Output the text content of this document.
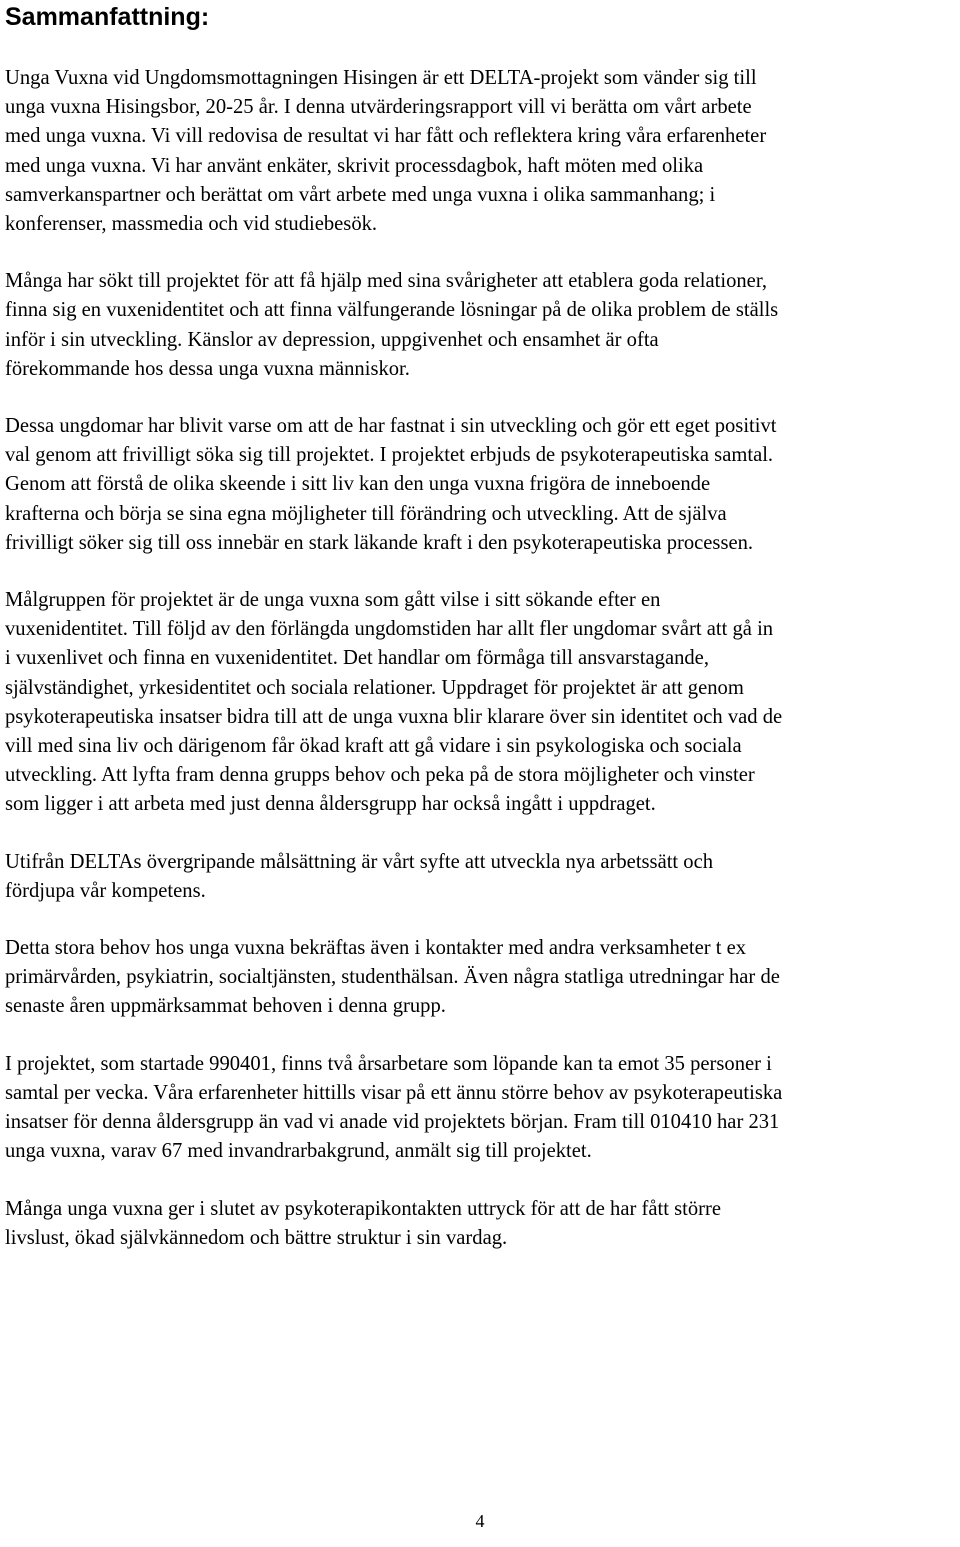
Sammanfattning:

Unga Vuxna vid Ungdomsmottagningen Hisingen är ett DELTA-projekt som vänder sig till
unga vuxna Hisingsbor, 20-25 år. I denna utvärderingsrapport vill vi berätta om vårt arbete
med unga vuxna. Vi vill redovisa de resultat vi har fått och reflektera kring våra erfarenheter
med unga vuxna. Vi har använt enkäter, skrivit processdagbok, haft möten med olika
samverkanspartner och berättat om vårt arbete med unga vuxna i olika sammanhang; i
konferenser, massmedia och vid studiebesök.

Många har sökt till projektet för att få hjälp med sina svårigheter att etablera goda relationer,
finna sig en vuxenidentitet och att finna välfungerande lösningar på de olika problem de ställs
inför i sin utveckling. Känslor av depression, uppgivenhet och ensamhet är ofta
förekommande hos dessa unga vuxna människor.

Dessa ungdomar har blivit varse om att de har fastnat i sin utveckling och gör ett eget positivt
val genom att frivilligt söka sig till projektet. I projektet erbjuds de psykoterapeutiska samtal.
Genom att förstå de olika skeende i sitt liv kan den unga vuxna frigöra de inneboende
krafterna och börja se sina egna möjligheter till förändring och utveckling. Att de själva
frivilligt söker sig till oss innebär en stark läkande kraft i den psykoterapeutiska processen.

Målgruppen för projektet är de unga vuxna som gått vilse i sitt sökande efter en
vuxenidentitet. Till följd av den förlängda ungdomstiden har allt fler ungdomar svårt att gå in
i vuxenlivet och finna en vuxenidentitet. Det handlar om förmåga till ansvarstagande,
självständighet, yrkesidentitet och sociala relationer. Uppdraget för projektet är att genom
psykoterapeutiska insatser bidra till att de unga vuxna blir klarare över sin identitet och vad de
vill med sina liv och därigenom får ökad kraft att gå vidare i sin psykologiska och sociala
utveckling. Att lyfta fram denna grupps behov och peka på de stora möjligheter och vinster
som ligger i att arbeta med just denna åldersgrupp har också ingått i uppdraget.

Utifrån DELTAs övergripande målsättning är vårt syfte att utveckla nya arbetssätt och
fördjupa vår kompetens.

Detta stora behov hos unga vuxna bekräftas även i kontakter med andra verksamheter t ex
primärvården, psykiatrin, socialtjänsten, studenthälsan. Även några statliga utredningar har de
senaste åren uppmärksammat behoven i denna grupp.

I projektet, som startade 990401, finns två årsarbetare som löpande kan ta emot 35 personer i
samtal per vecka. Våra erfarenheter hittills visar på ett ännu större behov av psykoterapeutiska
insatser för denna åldersgrupp än vad vi anade vid projektets början. Fram till 010410 har 231
unga vuxna, varav 67 med invandrarbakgrund, anmält sig till projektet.

Många unga vuxna ger i slutet av psykoterapikontakten uttryck för att de har fått större
livslust, ökad självkännedom och bättre struktur i sin vardag.

4
